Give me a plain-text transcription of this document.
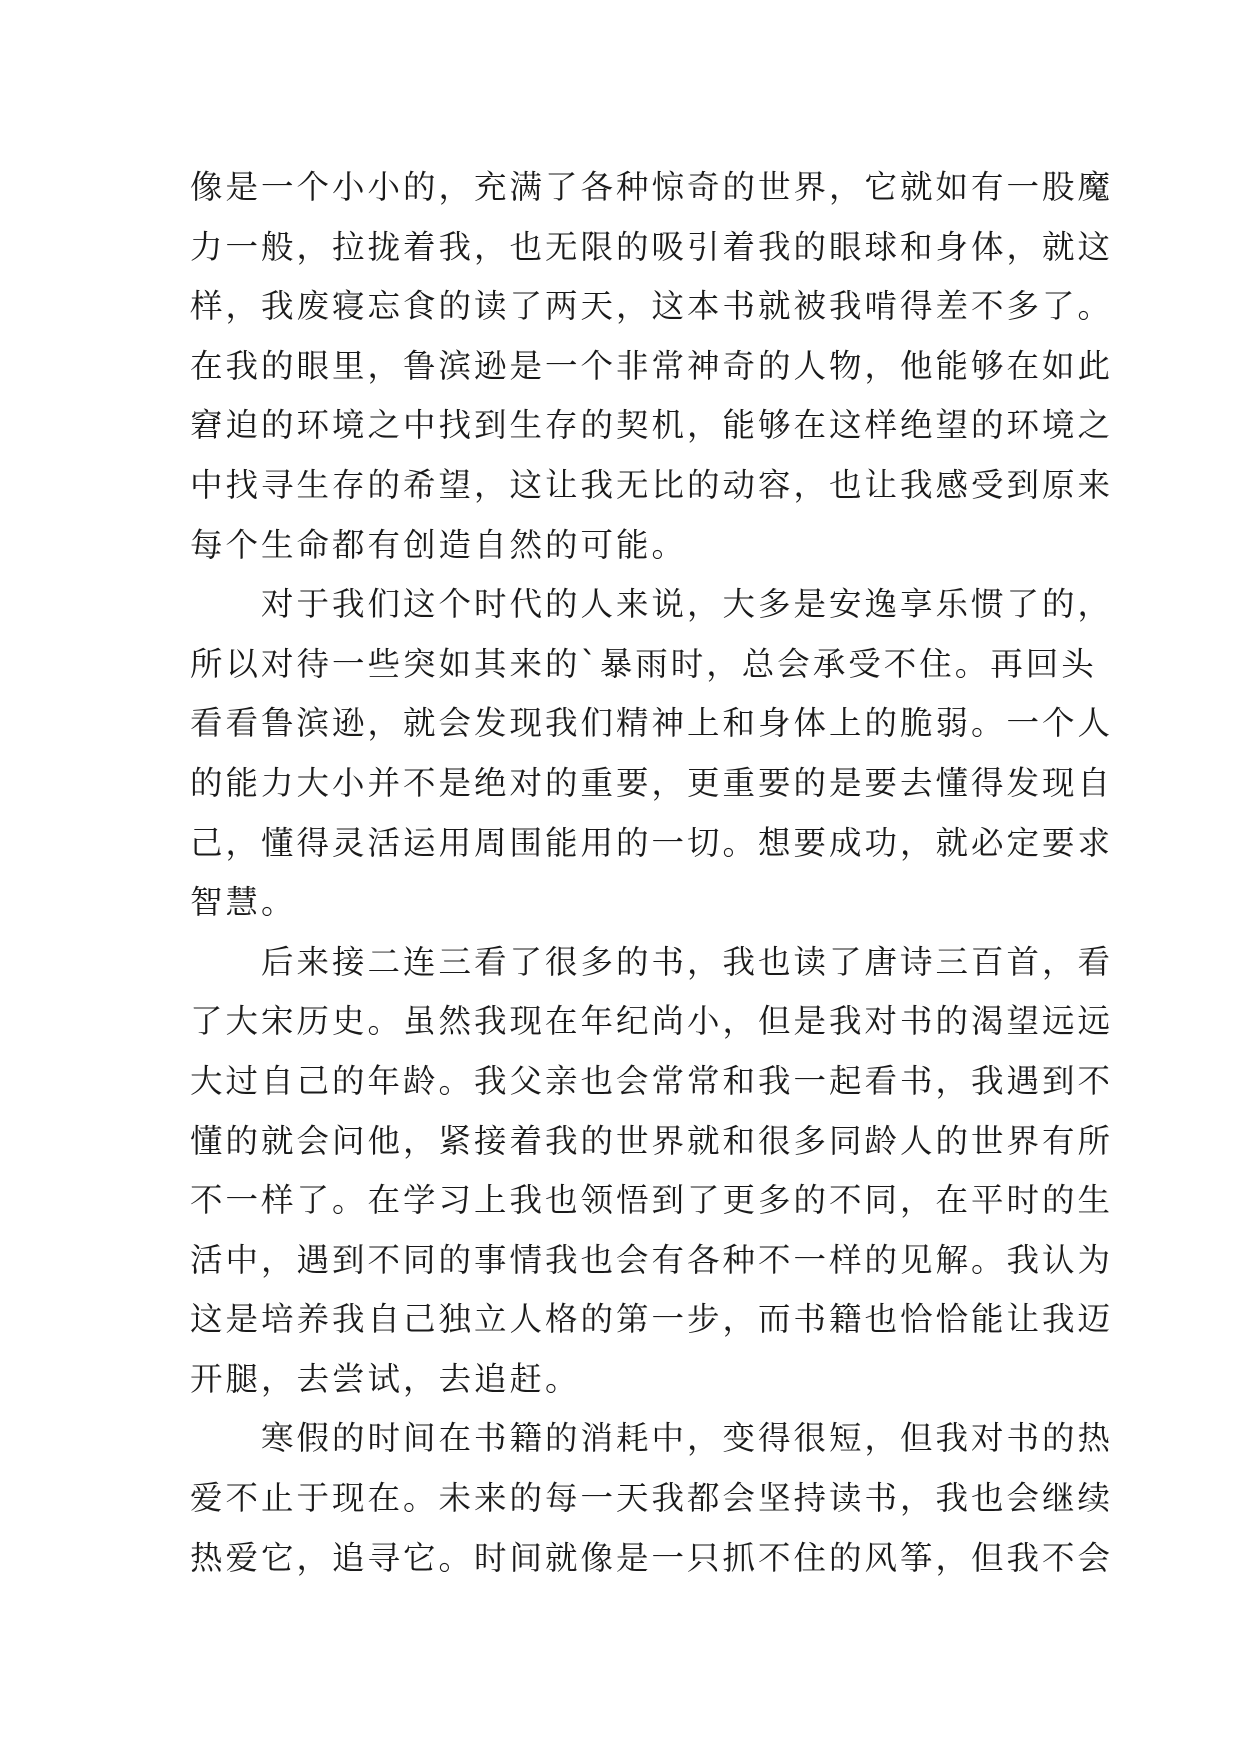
像是一个小小的，充满了各种惊奇的世界，它就如有一股魔
力一般，拉拢着我，也无限的吸引着我的眼球和身体，就这
样，我废寝忘食的读了两天，这本书就被我啃得差不多了。
在我的眼里，鲁滨逊是一个非常神奇的人物，他能够在如此
窘迫的环境之中找到生存的契机，能够在这样绝望的环境之
中找寻生存的希望，这让我无比的动容，也让我感受到原来
每个生命都有创造自然的可能。
　　对于我们这个时代的人来说，大多是安逸享乐惯了的，
所以对待一些突如其来的`暴雨时，总会承受不住。再回头
看看鲁滨逊，就会发现我们精神上和身体上的脆弱。一个人
的能力大小并不是绝对的重要，更重要的是要去懂得发现自
己，懂得灵活运用周围能用的一切。想要成功，就必定要求
智慧。
　　后来接二连三看了很多的书，我也读了唐诗三百首，看
了大宋历史。虽然我现在年纪尚小，但是我对书的渴望远远
大过自己的年龄。我父亲也会常常和我一起看书，我遇到不
懂的就会问他，紧接着我的世界就和很多同龄人的世界有所
不一样了。在学习上我也领悟到了更多的不同，在平时的生
活中，遇到不同的事情我也会有各种不一样的见解。我认为
这是培养我自己独立人格的第一步，而书籍也恰恰能让我迈
开腿，去尝试，去追赶。
　　寒假的时间在书籍的消耗中，变得很短，但我对书的热
爱不止于现在。未来的每一天我都会坚持读书，我也会继续
热爱它，追寻它。时间就像是一只抓不住的风筝，但我不会
